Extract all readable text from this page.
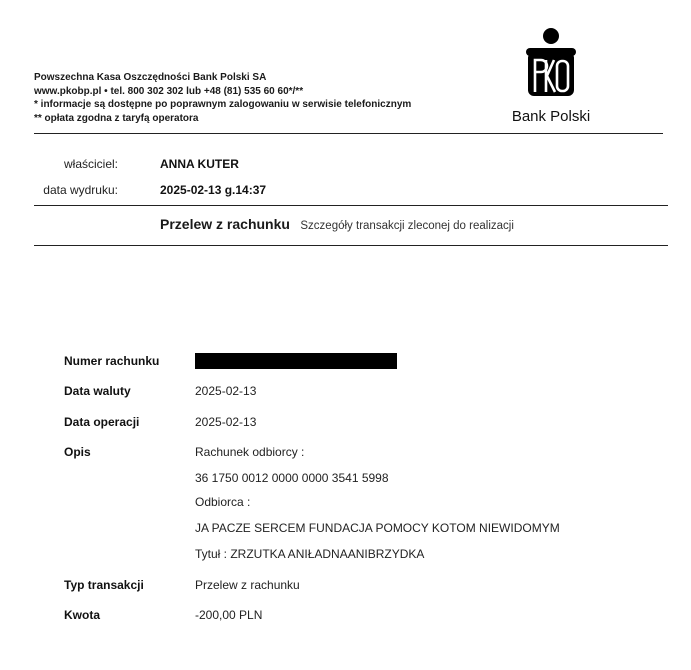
Powszechna Kasa Oszczędności Bank Polski SA
www.pkobp.pl • tel. 800 302 302 lub +48 (81) 535 60 60*/**
* informacje są dostępne po poprawnym zalogowaniu w serwisie telefonicznym
** opłata zgodna z taryfą operatora	Bank Polski
właściciel:	ANNA KUTER
data wydruku:	2025-02-13 g.14:37
Przelew z rachunku Szczegóły transakcji zleconej do realizacji
Numer rachunku
Data waluty	2025-02-13
Data operacji	2025-02-13
Opis	Rachunek odbiorcy :
36 1750 0012 0000 0000 3541 5998
Odbiorca :
JA PACZE SERCEM FUNDACJA POMOCY KOTOM NIEWIDOMYM
Tytuł : ZRZUTKA ANIŁADNAANIBRZYDKA
Typ transakcji	Przelew z rachunku
Kwota	-200,00 PLN
